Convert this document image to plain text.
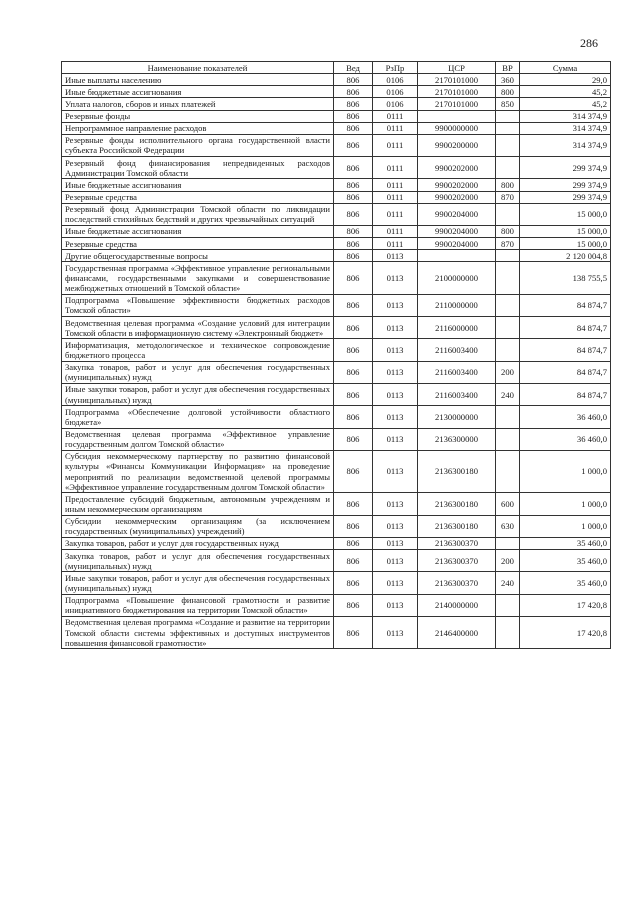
286
Наименование показателей	Вед	РзПр	ЦСР	ВР	Сумма
Иные выплаты населению	806	0106	2170101000	360	29,0
Иные бюджетные ассигнования	806	0106	2170101000	800	45,2
Уплата налогов, сборов и иных платежей	806	0106	2170101000	850	45,2
Резервные фонды	806	0111			314 374,9
Непрограммное направление расходов	806	0111	9900000000		314 374,9
Резервные фонды исполнительного органа государственной власти субъекта Российской Федерации	806	0111	9900200000		314 374,9
Резервный фонд финансирования непредвиденных расходов Администрации Томской области	806	0111	9900202000		299 374,9
Иные бюджетные ассигнования	806	0111	9900202000	800	299 374,9
Резервные средства	806	0111	9900202000	870	299 374,9
Резервный фонд Администрации Томской области по ликвидации последствий стихийных бедствий и других чрезвычайных ситуаций	806	0111	9900204000		15 000,0
Иные бюджетные ассигнования	806	0111	9900204000	800	15 000,0
Резервные средства	806	0111	9900204000	870	15 000,0
Другие общегосударственные вопросы	806	0113			2 120 004,8
Государственная программа «Эффективное управление региональными финансами, государственными закупками и совершенствование межбюджетных отношений в Томской области»	806	0113	2100000000		138 755,5
Подпрограмма «Повышение эффективности бюджетных расходов Томской области»	806	0113	2110000000		84 874,7
Ведомственная целевая программа «Создание условий для интеграции Томской области в информационную систему «Электронный бюджет»	806	0113	2116000000		84 874,7
Информатизация, методологическое и техническое сопровождение бюджетного процесса	806	0113	2116003400		84 874,7
Закупка товаров, работ и услуг для обеспечения государственных (муниципальных) нужд	806	0113	2116003400	200	84 874,7
Иные закупки товаров, работ и услуг для обеспечения государственных (муниципальных) нужд	806	0113	2116003400	240	84 874,7
Подпрограмма «Обеспечение долговой устойчивости областного бюджета»	806	0113	2130000000		36 460,0
Ведомственная целевая программа «Эффективное управление государственным долгом Томской области»	806	0113	2136300000		36 460,0
Субсидия некоммерческому партнерству по развитию финансовой культуры «Финансы Коммуникации Информация» на проведение мероприятий по реализации ведомственной целевой программы «Эффективное управление государственным долгом Томской области»	806	0113	2136300180		1 000,0
Предоставление субсидий бюджетным, автономным учреждениям и иным некоммерческим организациям	806	0113	2136300180	600	1 000,0
Субсидии некоммерческим организациям (за исключением государственных (муниципальных) учреждений)	806	0113	2136300180	630	1 000,0
Закупка товаров, работ и услуг для государственных нужд	806	0113	2136300370		35 460,0
Закупка товаров, работ и услуг для обеспечения государственных (муниципальных) нужд	806	0113	2136300370	200	35 460,0
Иные закупки товаров, работ и услуг для обеспечения государственных (муниципальных) нужд	806	0113	2136300370	240	35 460,0
Подпрограмма «Повышение финансовой грамотности и развитие инициативного бюджетирования на территории Томской области»	806	0113	2140000000		17 420,8
Ведомственная целевая программа «Создание и развитие на территории Томской области системы эффективных и доступных инструментов повышения финансовой грамотности»	806	0113	2146400000		17 420,8
